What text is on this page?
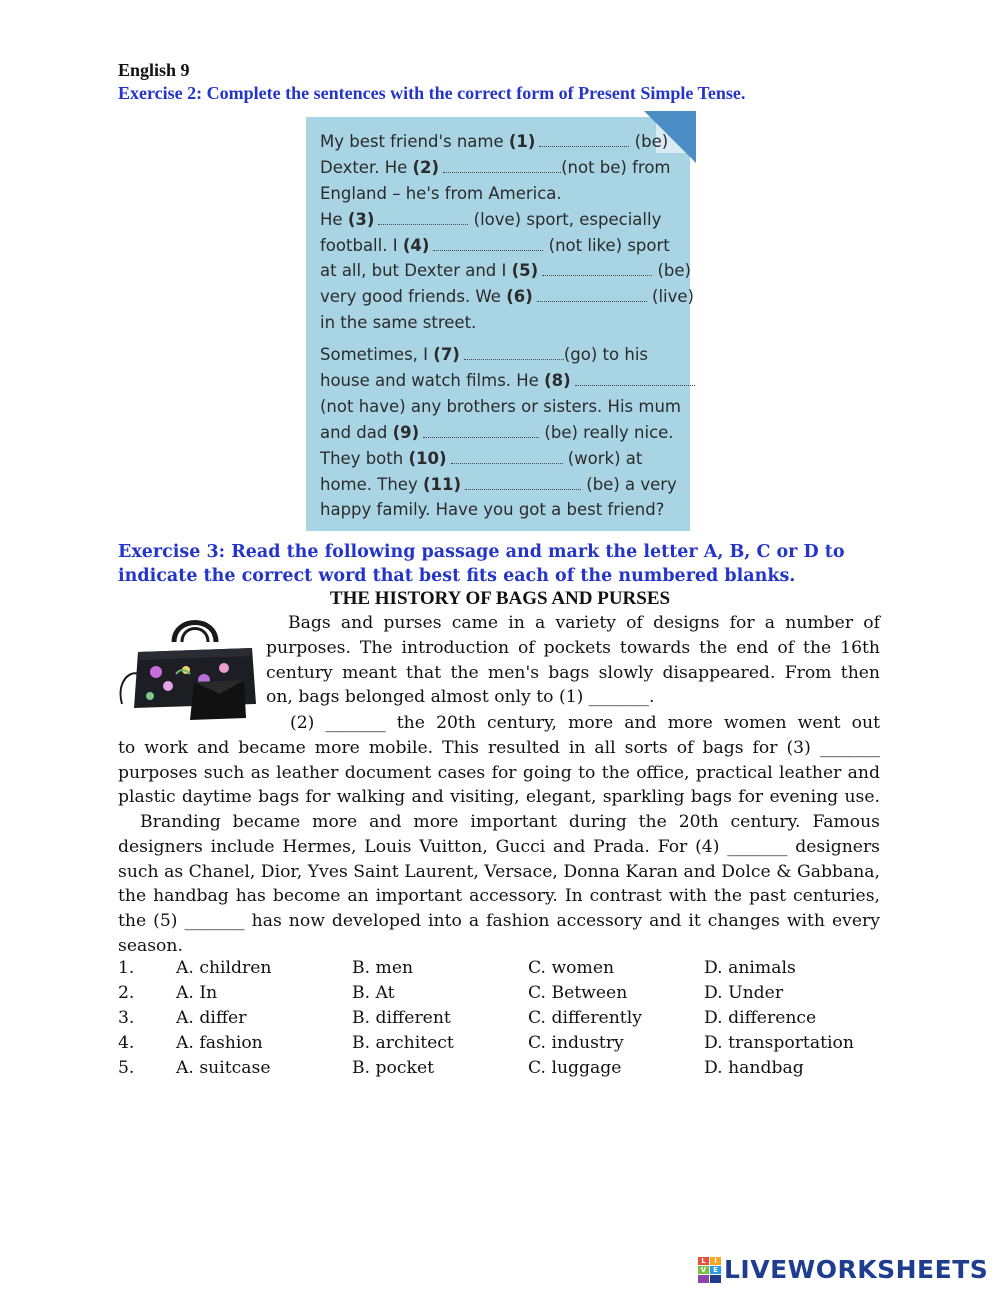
English 9
Exercise 2: Complete the sentences with the correct form of Present Simple Tense.
My best friend's name (1)	(be)
Dexter. He (2)	(not be) from
England – he's from America.
He (3)	(love) sport, especially
football. I (4)	(not like) sport
at all, but Dexter and I (5)	(be)
very good friends. We (6)	(live)
in the same street.
Sometimes, I (7)	(go) to his
house and watch films. He (8)
(not have) any brothers or sisters. His mum
and dad (9)	(be) really nice.
They both (10)	(work) at
home. They (11)	(be) a very
happy family. Have you got a best friend?
Exercise 3: Read the following passage and mark the letter A, B, C or D to indicate the correct word that best fits each of the numbered blanks.
THE HISTORY OF BAGS AND PURSES
Bags and purses came in a variety of designs for a number of
purposes. The introduction of pockets towards the end of the 16th
century meant that the men's bags slowly disappeared. From then
on, bags belonged almost only to (1) _______.
(2) _______ the 20th century, more and more women went out
to work and became more mobile. This resulted in all sorts of bags for (3) _______
purposes such as leather document cases for going to the office, practical leather and
plastic daytime bags for walking and visiting, elegant, sparkling bags for evening use.
Branding became more and more important during the 20th century. Famous
designers include Hermes, Louis Vuitton, Gucci and Prada. For (4) _______ designers
such as Chanel, Dior, Yves Saint Laurent, Versace, Donna Karan and Dolce & Gabbana,
the handbag has become an important accessory. In contrast with the past centuries,
the (5) _______ has now developed into a fashion accessory and it changes with every
season.
1. A. children	B. men	C. women	D. animals
2. A. In	B. At	C. Between	D. Under
3. A. differ	B. different	C. differently	D. difference
4. A. fashion	B. architect	C. industry	D. transportation
5. A. suitcase	B. pocket	C. luggage	D. handbag
L	I
V E LIVEWORKSHEETS
